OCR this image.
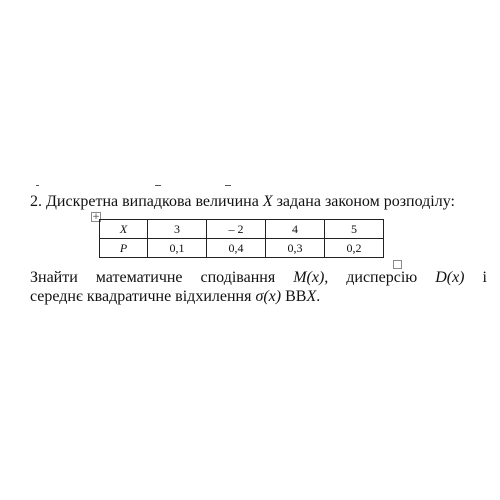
2. Дискретна випадкова величина X задана законом розподілу:
+
X	3	– 2	4	5
P	0,1	0,4	0,3	0,2
Знайти математичне сподівання M(x), дисперсію D(x) і
середнє квадратичне відхилення σ(x) ВВX.
